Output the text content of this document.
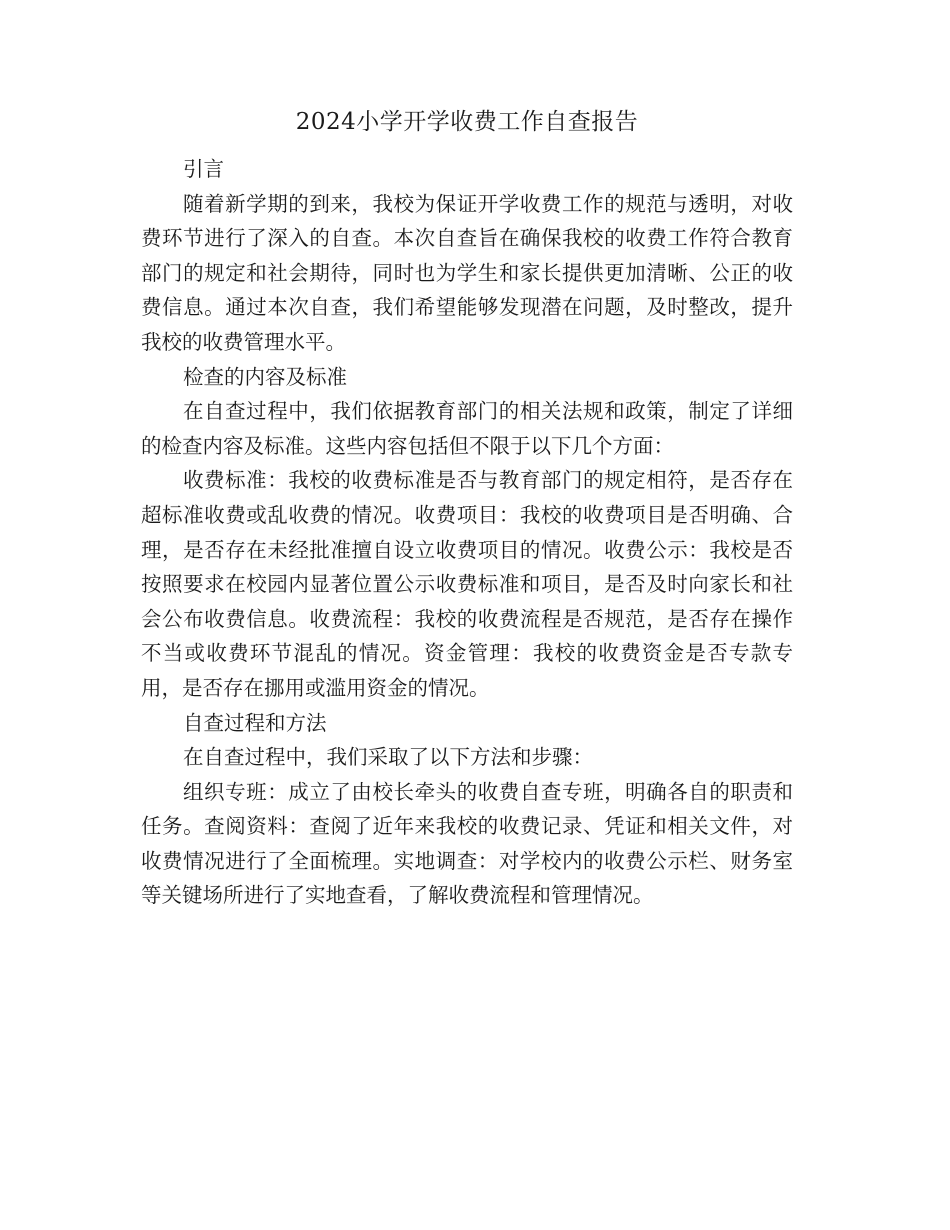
2024小学开学收费工作自查报告

引言

随着新学期的到来，我校为保证开学收费工作的规范与透明，对收费环节进行了深入的自查。本次自查旨在确保我校的收费工作符合教育部门的规定和社会期待，同时也为学生和家长提供更加清晰、公正的收费信息。通过本次自查，我们希望能够发现潜在问题，及时整改，提升我校的收费管理水平。

检查的内容及标准

在自查过程中，我们依据教育部门的相关法规和政策，制定了详细的检查内容及标准。这些内容包括但不限于以下几个方面：

收费标准：我校的收费标准是否与教育部门的规定相符，是否存在超标准收费或乱收费的情况。收费项目：我校的收费项目是否明确、合理，是否存在未经批准擅自设立收费项目的情况。收费公示：我校是否按照要求在校园内显著位置公示收费标准和项目，是否及时向家长和社会公布收费信息。收费流程：我校的收费流程是否规范，是否存在操作不当或收费环节混乱的情况。资金管理：我校的收费资金是否专款专用，是否存在挪用或滥用资金的情况。

自查过程和方法

在自查过程中，我们采取了以下方法和步骤：

组织专班：成立了由校长牵头的收费自查专班，明确各自的职责和任务。查阅资料：查阅了近年来我校的收费记录、凭证和相关文件，对收费情况进行了全面梳理。实地调查：对学校内的收费公示栏、财务室等关键场所进行了实地查看，了解收费流程和管理情况。
